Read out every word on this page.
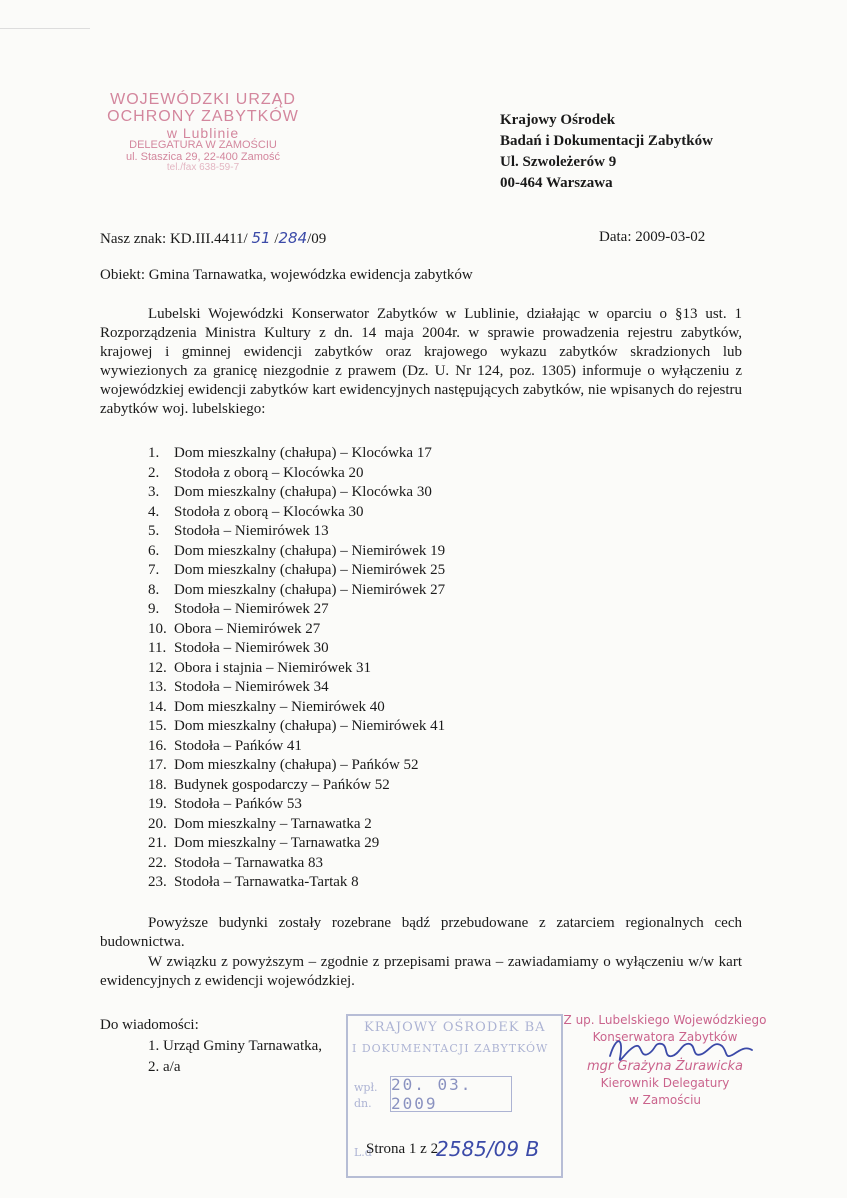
WOJEWÓDZKI URZĄD
OCHRONY ZABYTKÓW
w Lublinie
DELEGATURA W ZAMOŚCIU
ul. Staszica 29, 22-400 Zamość
tel./fax 638-59-7
Krajowy Ośrodek
Badań i Dokumentacji Zabytków
Ul. Szwoleżerów 9
00-464 Warszawa
Nasz znak: KD.III.4411/ 51 /284/09	Data: 2009-03-02
Obiekt: Gmina Tarnawatka, wojewódzka ewidencja zabytków
Lubelski Wojewódzki Konserwator Zabytków w Lublinie, działając w oparciu o §13 ust. 1 Rozporządzenia Ministra Kultury z dn. 14 maja 2004r. w sprawie prowadzenia rejestru zabytków, krajowej i gminnej ewidencji zabytków oraz krajowego wykazu zabytków skradzionych lub wywiezionych za granicę niezgodnie z prawem (Dz. U. Nr 124, poz. 1305) informuje o wyłączeniu z wojewódzkiej ewidencji zabytków kart ewidencyjnych następujących zabytków, nie wpisanych do rejestru zabytków woj. lubelskiego:
1. Dom mieszkalny (chałupa) – Klocówka 17
2. Stodoła z oborą – Klocówka 20
3. Dom mieszkalny (chałupa) – Klocówka 30
4. Stodoła z oborą – Klocówka 30
5. Stodoła – Niemirówek 13
6. Dom mieszkalny (chałupa) – Niemirówek 19
7. Dom mieszkalny (chałupa) – Niemirówek 25
8. Dom mieszkalny (chałupa) – Niemirówek 27
9. Stodoła – Niemirówek 27
10. Obora – Niemirówek 27
11. Stodoła – Niemirówek 30
12. Obora i stajnia – Niemirówek 31
13. Stodoła – Niemirówek 34
14. Dom mieszkalny – Niemirówek 40
15. Dom mieszkalny (chałupa) – Niemirówek 41
16. Stodoła – Pańków 41
17. Dom mieszkalny (chałupa) – Pańków 52
18. Budynek gospodarczy – Pańków 52
19. Stodoła – Pańków 53
20. Dom mieszkalny – Tarnawatka 2
21. Dom mieszkalny – Tarnawatka 29
22. Stodoła – Tarnawatka 83
23. Stodoła – Tarnawatka-Tartak 8
Powyższe budynki zostały rozebrane bądź przebudowane z zatarciem regionalnych cech budownictwa.
W związku z powyższym – zgodnie z przepisami prawa – zawiadamiamy o wyłączeniu w/w kart ewidencyjnych z ewidencji wojewódzkiej.
Do wiadomości:
1. Urząd Gminy Tarnawatka,
2. a/a
KRAJOWY OŚRODEK BA
I DOKUMENTACJI ZABYTKÓW
wpł.
dn.
20. 03. 2009
L.d
Strona 1 z 2
2585/09 B
Z up. Lubelskiego Wojewódzkiego
Konserwatora Zabytków
mgr Grażyna Żurawicka
Kierownik Delegatury
w Zamościu
